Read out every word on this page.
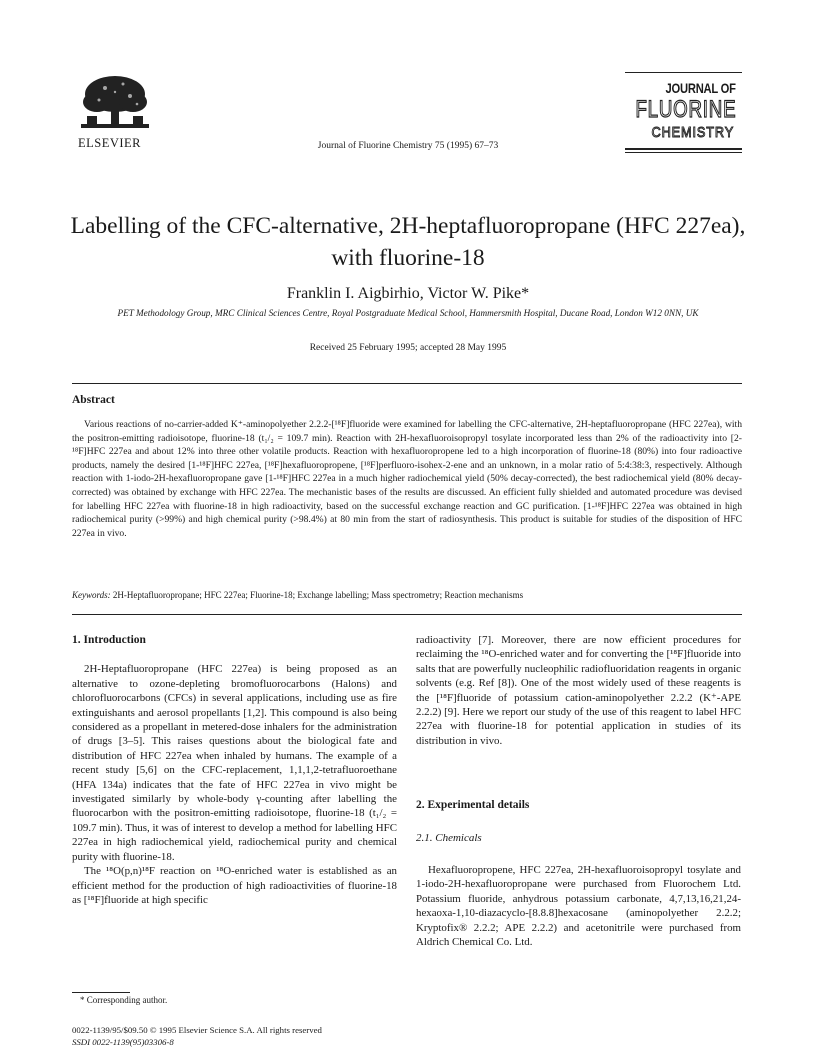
ELSEVIER	Journal of Fluorine Chemistry 75 (1995) 67–73
JOURNAL OF
FLUORINE
CHEMISTRY
Labelling of the CFC-alternative, 2H-heptafluoropropane (HFC 227ea), with fluorine-18
Franklin I. Aigbirhio, Victor W. Pike*
PET Methodology Group, MRC Clinical Sciences Centre, Royal Postgraduate Medical School, Hammersmith Hospital, Ducane Road, London W12 0NN, UK
Received 25 February 1995; accepted 28 May 1995
Abstract
Various reactions of no-carrier-added K⁺-aminopolyether 2.2.2-[¹⁸F]fluoride were examined for labelling the CFC-alternative, 2H-heptafluoropropane (HFC 227ea), with the positron-emitting radioisotope, fluorine-18 (t₁/₂ = 109.7 min). Reaction with 2H-hexafluoroisopropyl tosylate incorporated less than 2% of the radioactivity into [2-¹⁸F]HFC 227ea and about 12% into three other volatile products. Reaction with hexafluoropropene led to a high incorporation of fluorine-18 (80%) into four radioactive products, namely the desired [1-¹⁸F]HFC 227ea, [¹⁸F]hexafluoropropene, [¹⁸F]perfluoro-isohex-2-ene and an unknown, in a molar ratio of 5:4:38:3, respectively. Although reaction with 1-iodo-2H-hexafluoropropane gave [1-¹⁸F]HFC 227ea in a much higher radiochemical yield (50% decay-corrected), the best radiochemical yield (80% decay-corrected) was obtained by exchange with HFC 227ea. The mechanistic bases of the results are discussed. An efficient fully shielded and automated procedure was devised for labelling HFC 227ea with fluorine-18 in high radioactivity, based on the successful exchange reaction and GC purification. [1-¹⁸F]HFC 227ea was obtained in high radiochemical purity (>99%) and high chemical purity (>98.4%) at 80 min from the start of radiosynthesis. This product is suitable for studies of the disposition of HFC 227ea in vivo.
Keywords: 2H-Heptafluoropropane; HFC 227ea; Fluorine-18; Exchange labelling; Mass spectrometry; Reaction mechanisms
1. Introduction

2H-Heptafluoropropane (HFC 227ea) is being proposed as an alternative to ozone-depleting bromofluorocarbons (Halons) and chlorofluorocarbons (CFCs) in several applications, including use as fire extinguishants and aerosol propellants [1,2]. This compound is also being considered as a propellant in metered-dose inhalers for the administration of drugs [3–5]. This raises questions about the biological fate and distribution of HFC 227ea when inhaled by humans. The example of a recent study [5,6] on the CFC-replacement, 1,1,1,2-tetrafluoroethane (HFA 134a) indicates that the fate of HFC 227ea in vivo might be investigated similarly by whole-body γ-counting after labelling the fluorocarbon with the positron-emitting radioisotope, fluorine-18 (t₁/₂ = 109.7 min). Thus, it was of interest to develop a method for labelling HFC 227ea in high radiochemical yield, radiochemical purity and chemical purity with fluorine-18.

The ¹⁸O(p,n)¹⁸F reaction on ¹⁸O-enriched water is established as an efficient method for the production of high radioactivities of fluorine-18 as [¹⁸F]fluoride at high specific

radioactivity [7]. Moreover, there are now efficient procedures for reclaiming the ¹⁸O-enriched water and for converting the [¹⁸F]fluoride into salts that are powerfully nucleophilic radiofluoridation reagents in organic solvents (e.g. Ref [8]). One of the most widely used of these reagents is the [¹⁸F]fluoride of potassium cation-aminopolyether 2.2.2 (K⁺-APE 2.2.2) [9]. Here we report our study of the use of this reagent to label HFC 227ea with fluorine-18 for potential application in studies of its distribution in vivo.

2. Experimental details
2.1. Chemicals

Hexafluoropropene, HFC 227ea, 2H-hexafluoroisopropyl tosylate and 1-iodo-2H-hexafluoropropane were purchased from Fluorochem Ltd. Potassium fluoride, anhydrous potassium carbonate, 4,7,13,16,21,24-hexaoxa-1,10-diazacyclo-[8.8.8]hexacosane (aminopolyether 2.2.2; Kryptofix® 2.2.2; APE 2.2.2) and acetonitrile were purchased from Aldrich Chemical Co. Ltd.

* Corresponding author.
0022-1139/95/$09.50 © 1995 Elsevier Science S.A. All rights reserved
SSDI 0022-1139(95)03306-8
